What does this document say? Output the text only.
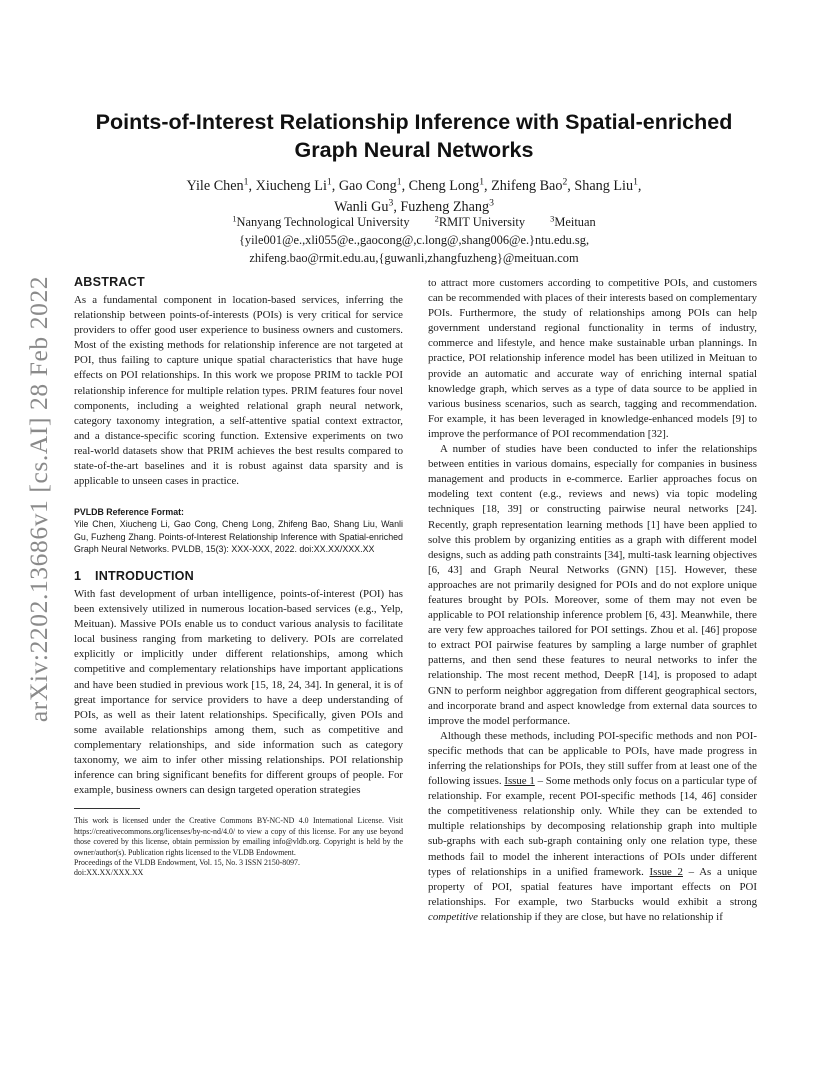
arXiv:2202.13686v1 [cs.AI] 28 Feb 2022
Points-of-Interest Relationship Inference with Spatial-enriched
Graph Neural Networks
Yile Chen$^1$, Xiucheng Li$^1$, Gao Cong$^1$, Cheng Long$^1$, Zhifeng Bao$^2$, Shang Liu$^1$,
Wanli Gu$^3$, Fuzheng Zhang$^3$
$^1$Nanyang Technological University	$^2$RMIT University	$^3$Meituan
{yile001@e.,xli055@e.,gaocong@,c.long@,shang006@e.}ntu.edu.sg,
zhifeng.bao@rmit.edu.au,{guwanli,zhangfuzheng}@meituan.com
ABSTRACT

As a fundamental component in location-based services, inferring the relationship between points-of-interests (POIs) is very critical for service providers to offer good user experience to business owners and customers. Most of the existing methods for relationship inference are not targeted at POI, thus failing to capture unique spatial characteristics that have huge effects on POI relationships. In this work we propose PRIM to tackle POI relationship inference for multiple relation types. PRIM features four novel components, including a weighted relational graph neural network, category taxonomy integration, a self-attentive spatial context extractor, and a distance-specific scoring function. Extensive experiments on two real-world datasets show that PRIM achieves the best results compared to state-of-the-art baselines and it is robust against data sparsity and is applicable to unseen cases in practice.

PVLDB Reference Format:

Yile Chen, Xiucheng Li, Gao Cong, Cheng Long, Zhifeng Bao, Shang Liu, Wanli Gu, Fuzheng Zhang. Points-of-Interest Relationship Inference with Spatial-enriched Graph Neural Networks. PVLDB, 15(3): XXX-XXX, 2022. doi:XX.XX/XXX.XX

1 INTRODUCTION

With fast development of urban intelligence, points-of-interest (POI) has been extensively utilized in numerous location-based services (e.g., Yelp, Meituan). Massive POIs enable us to conduct various analysis to facilitate local business ranging from marketing to delivery. POIs are correlated explicitly or implicitly under different relationships, among which competitive and complementary relationships have important applications and have been studied in previous work [15, 18, 24, 34]. In general, it is of great importance for service providers to have a deep understanding of POIs, as well as their latent relationships. Specifically, given POIs and some available relationships among them, such as competitive and complementary relationships, and side information such as category taxonomy, we aim to infer other missing relationships. POI relationship inference can bring significant benefits for different groups of people. For example, business owners can design targeted operation strategies

This work is licensed under the Creative Commons BY-NC-ND 4.0 International License. Visit https://creativecommons.org/licenses/by-nc-nd/4.0/ to view a copy of this license. For any use beyond those covered by this license, obtain permission by emailing info@vldb.org. Copyright is held by the owner/author(s). Publication rights licensed to the VLDB Endowment.

Proceedings of the VLDB Endowment, Vol. 15, No. 3 ISSN 2150-8097.

doi:XX.XX/XXX.XX

to attract more customers according to competitive POIs, and customers can be recommended with places of their interests based on complementary POIs. Furthermore, the study of relationships among POIs can help government understand regional functionality in terms of industry, commerce and lifestyle, and hence make sustainable urban plannings. In practice, POI relationship inference model has been utilized in Meituan to provide an automatic and accurate way of enriching internal spatial knowledge graph, which serves as a type of data source to be applied in various business scenarios, such as search, tagging and recommendation. For example, it has been leveraged in knowledge-enhanced models [9] to improve the performance of POI recommendation [32].

A number of studies have been conducted to infer the relationships between entities in various domains, especially for companies in business management and products in e-commerce. Earlier approaches focus on modeling text content (e.g., reviews and news) via topic modeling techniques [18, 39] or constructing pairwise neural networks [24]. Recently, graph representation learning methods [1] have been applied to solve this problem by organizing entities as a graph with different model designs, such as adding path constraints [34], multi-task learning objectives [6, 43] and Graph Neural Networks (GNN) [15]. However, these approaches are not primarily designed for POIs and do not explore unique features brought by POIs. Moreover, some of them may not even be applicable to POI relationship inference problem [6, 43]. Meanwhile, there are very few approaches tailored for POI settings. Zhou et al. [46] propose to extract POI pairwise features by sampling a large number of graphlet patterns, and then send these features to neural networks to infer the relationship. The most recent method, DeepR [14], is proposed to adapt GNN to perform neighbor aggregation from different geographical sectors, and incorporate brand and aspect knowledge from external data sources to improve the model performance.

Although these methods, including POI-specific methods and non POI-specific methods that can be applicable to POIs, have made progress in inferring the relationships for POIs, they still suffer from at least one of the following issues. Issue 1 – Some methods only focus on a particular type of relationship. For example, recent POI-specific methods [14, 46] consider the competitiveness relationship only. While they can be extended to multiple relationships by decomposing relationship graph into multiple sub-graphs with each sub-graph containing only one relation type, these methods fail to model the inherent interactions of POIs under different types of relationships in a unified framework. Issue 2 – As a unique property of POI, spatial features have important effects on POI relationships. For example, two Starbucks would exhibit a strong competitive relationship if they are close, but have no relationship if
